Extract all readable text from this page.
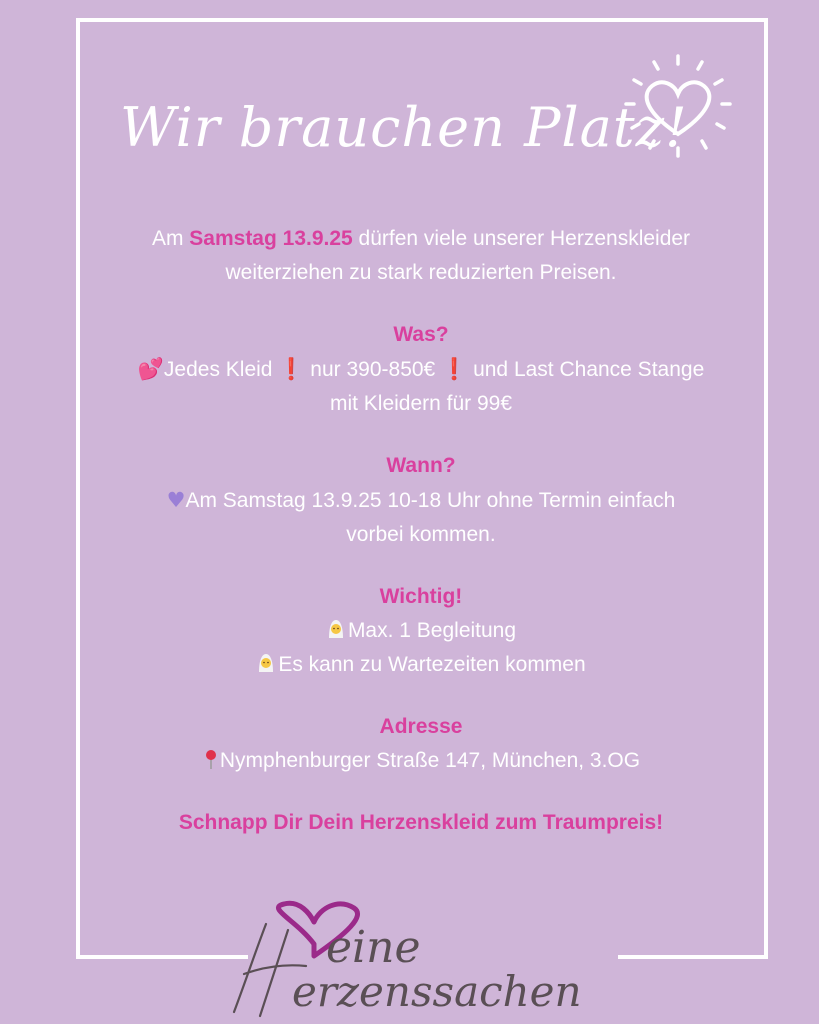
Wir brauchen Platz!

Am Samstag 13.9.25 dürfen viele unserer Herzenskleider

weiterziehen zu stark reduzierten Preisen.

Was?

💕Jedes Kleid ❗ nur 390-850€ ❗ und Last Chance Stange

mit Kleidern für 99€

Wann?

♥Am Samstag 13.9.25 10-18 Uhr ohne Termin einfach

vorbei kommen.

Wichtig!

Max. 1 Begleitung

Es kann zu Wartezeiten kommen

Adresse

Nymphenburger Straße 147, München, 3.OG

Schnapp Dir Dein Herzenskleid zum Traumpreis!

eine
erzenssachen
